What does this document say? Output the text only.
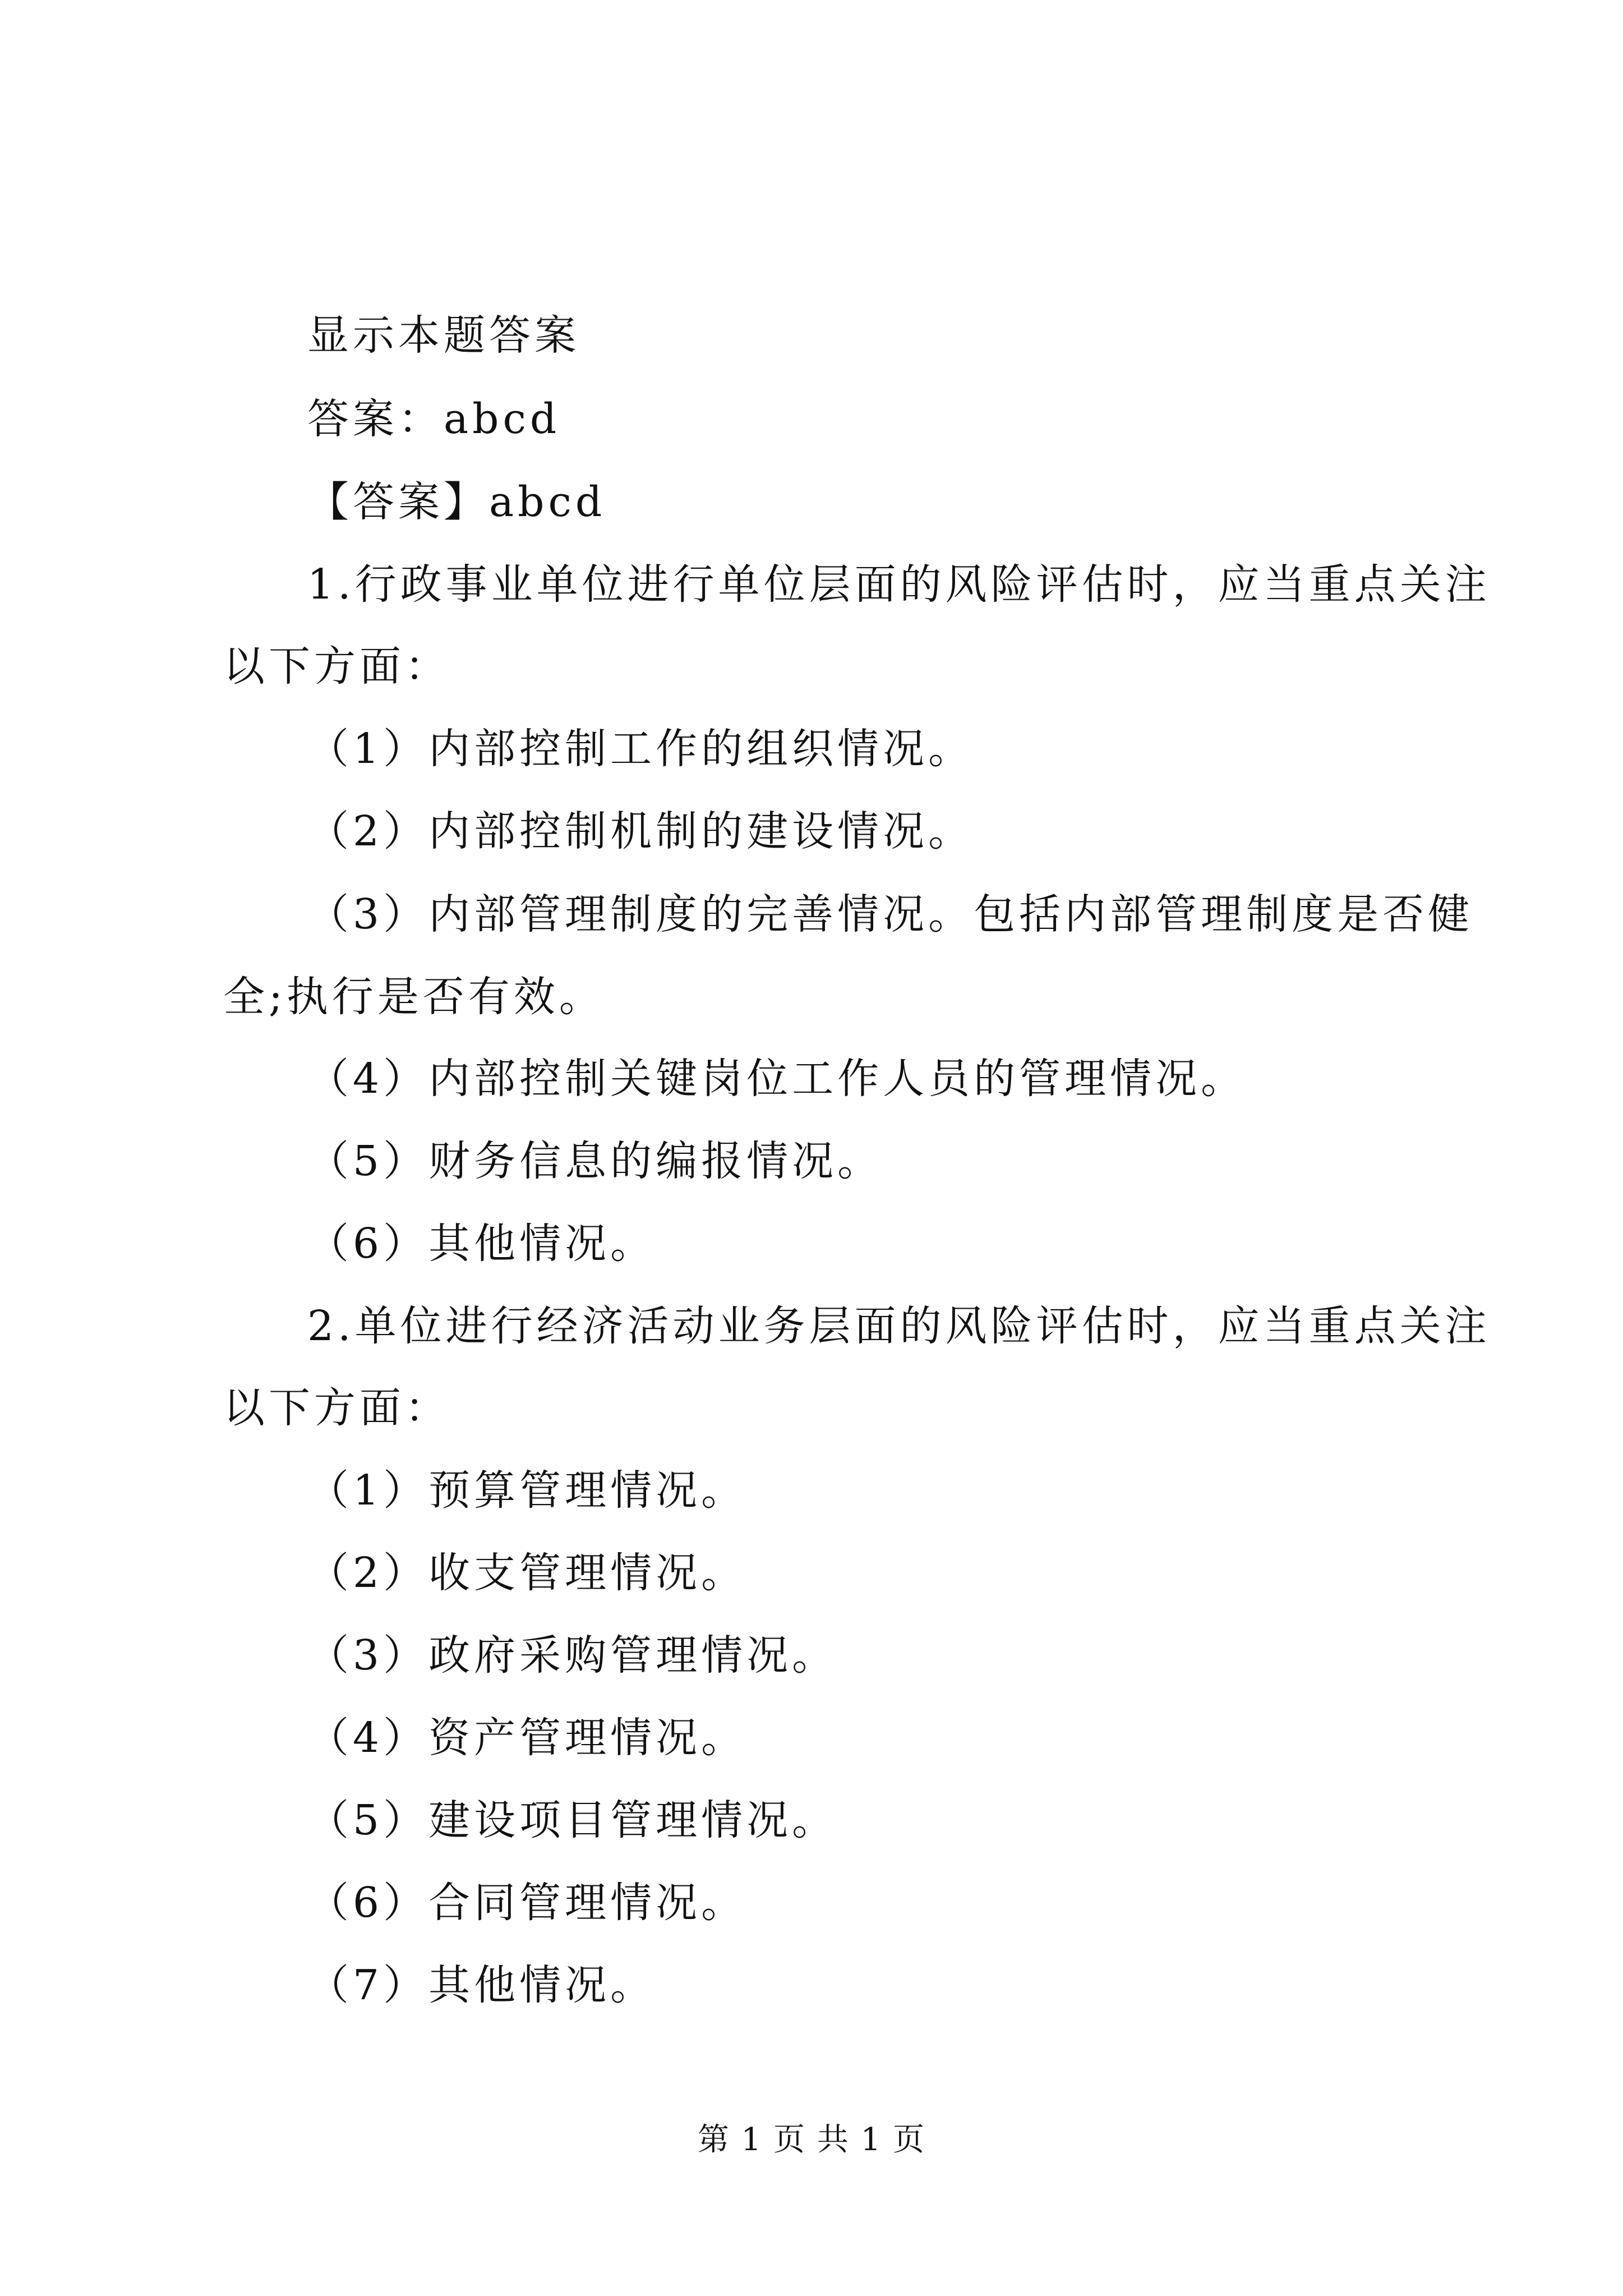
显示本题答案
答案：abcd
【答案】abcd
1.行政事业单位进行单位层面的风险评估时，应当重点关注
以下方面：
（1）内部控制工作的组织情况。
（2）内部控制机制的建设情况。
（3）内部管理制度的完善情况。包括内部管理制度是否健
全;执行是否有效。
（4）内部控制关键岗位工作人员的管理情况。
（5）财务信息的编报情况。
（6）其他情况。
2.单位进行经济活动业务层面的风险评估时，应当重点关注
以下方面：
（1）预算管理情况。
（2）收支管理情况。
（3）政府采购管理情况。
（4）资产管理情况。
（5）建设项目管理情况。
（6）合同管理情况。
（7）其他情况。
第 1 页 共 1 页
